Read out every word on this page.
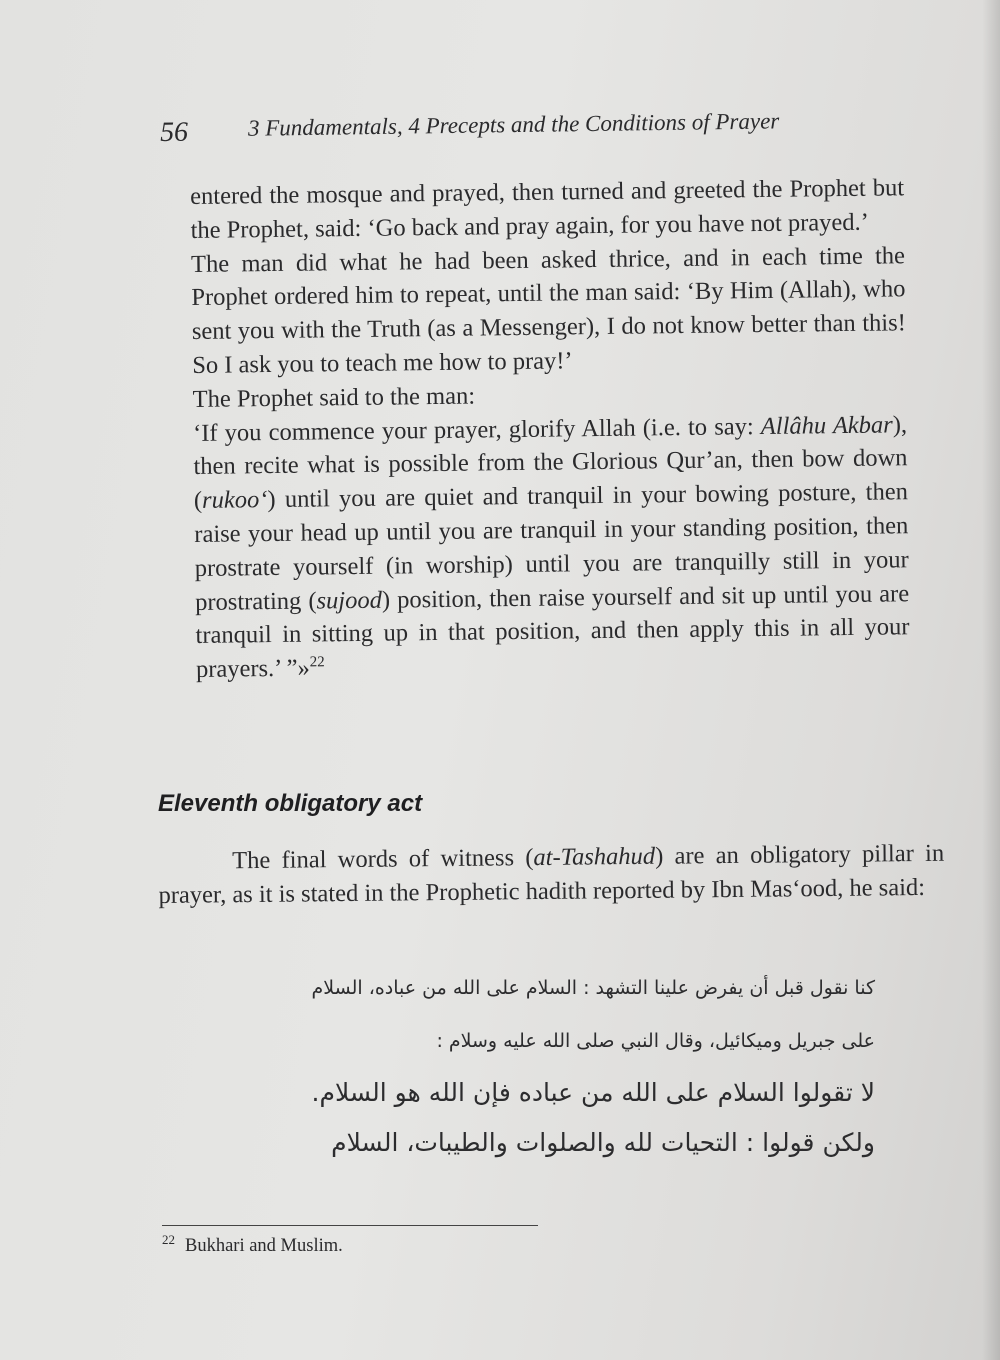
56	3 Fundamentals, 4 Precepts and the Conditions of Prayer

entered the mosque and prayed, then turned and greeted the Prophet but the Prophet, said: ‘Go back and pray again, for you have not prayed.’

The man did what he had been asked thrice, and in each time the Prophet ordered him to repeat, until the man said: ‘By Him (Allah), who sent you with the Truth (as a Messenger), I do not know better than this! So I ask you to teach me how to pray!’

The Prophet said to the man:

‘If you commence your prayer, glorify Allah (i.e. to say: Allâhu Akbar), then recite what is possible from the Glorious Qur’an, then bow down (rukoo‘) until you are quiet and tranquil in your bowing posture, then raise your head up until you are tranquil in your standing position, then prostrate yourself (in worship) until you are tranquilly still in your prostrating (sujood) position, then raise yourself and sit up until you are tranquil in sitting up in that position, and then apply this in all your prayers.’ ”»$^{22}$

Eleventh obligatory act

The final words of witness (at-Tashahud) are an obligatory pillar in prayer, as it is stated in the Prophetic hadith reported by Ibn Mas‘ood, he said:

كنا نقول قبل أن يفرض علينا التشهد : السلام على الله من عباده، السلام
على جبريل وميكائيل، وقال النبي صلى الله عليه وسلام :
لا تقولوا السلام على الله من عباده فإن الله هو السلام.
ولكن قولوا : التحيات لله والصلوات والطيبات، السلام
$^{22}$ Bukhari and Muslim.
